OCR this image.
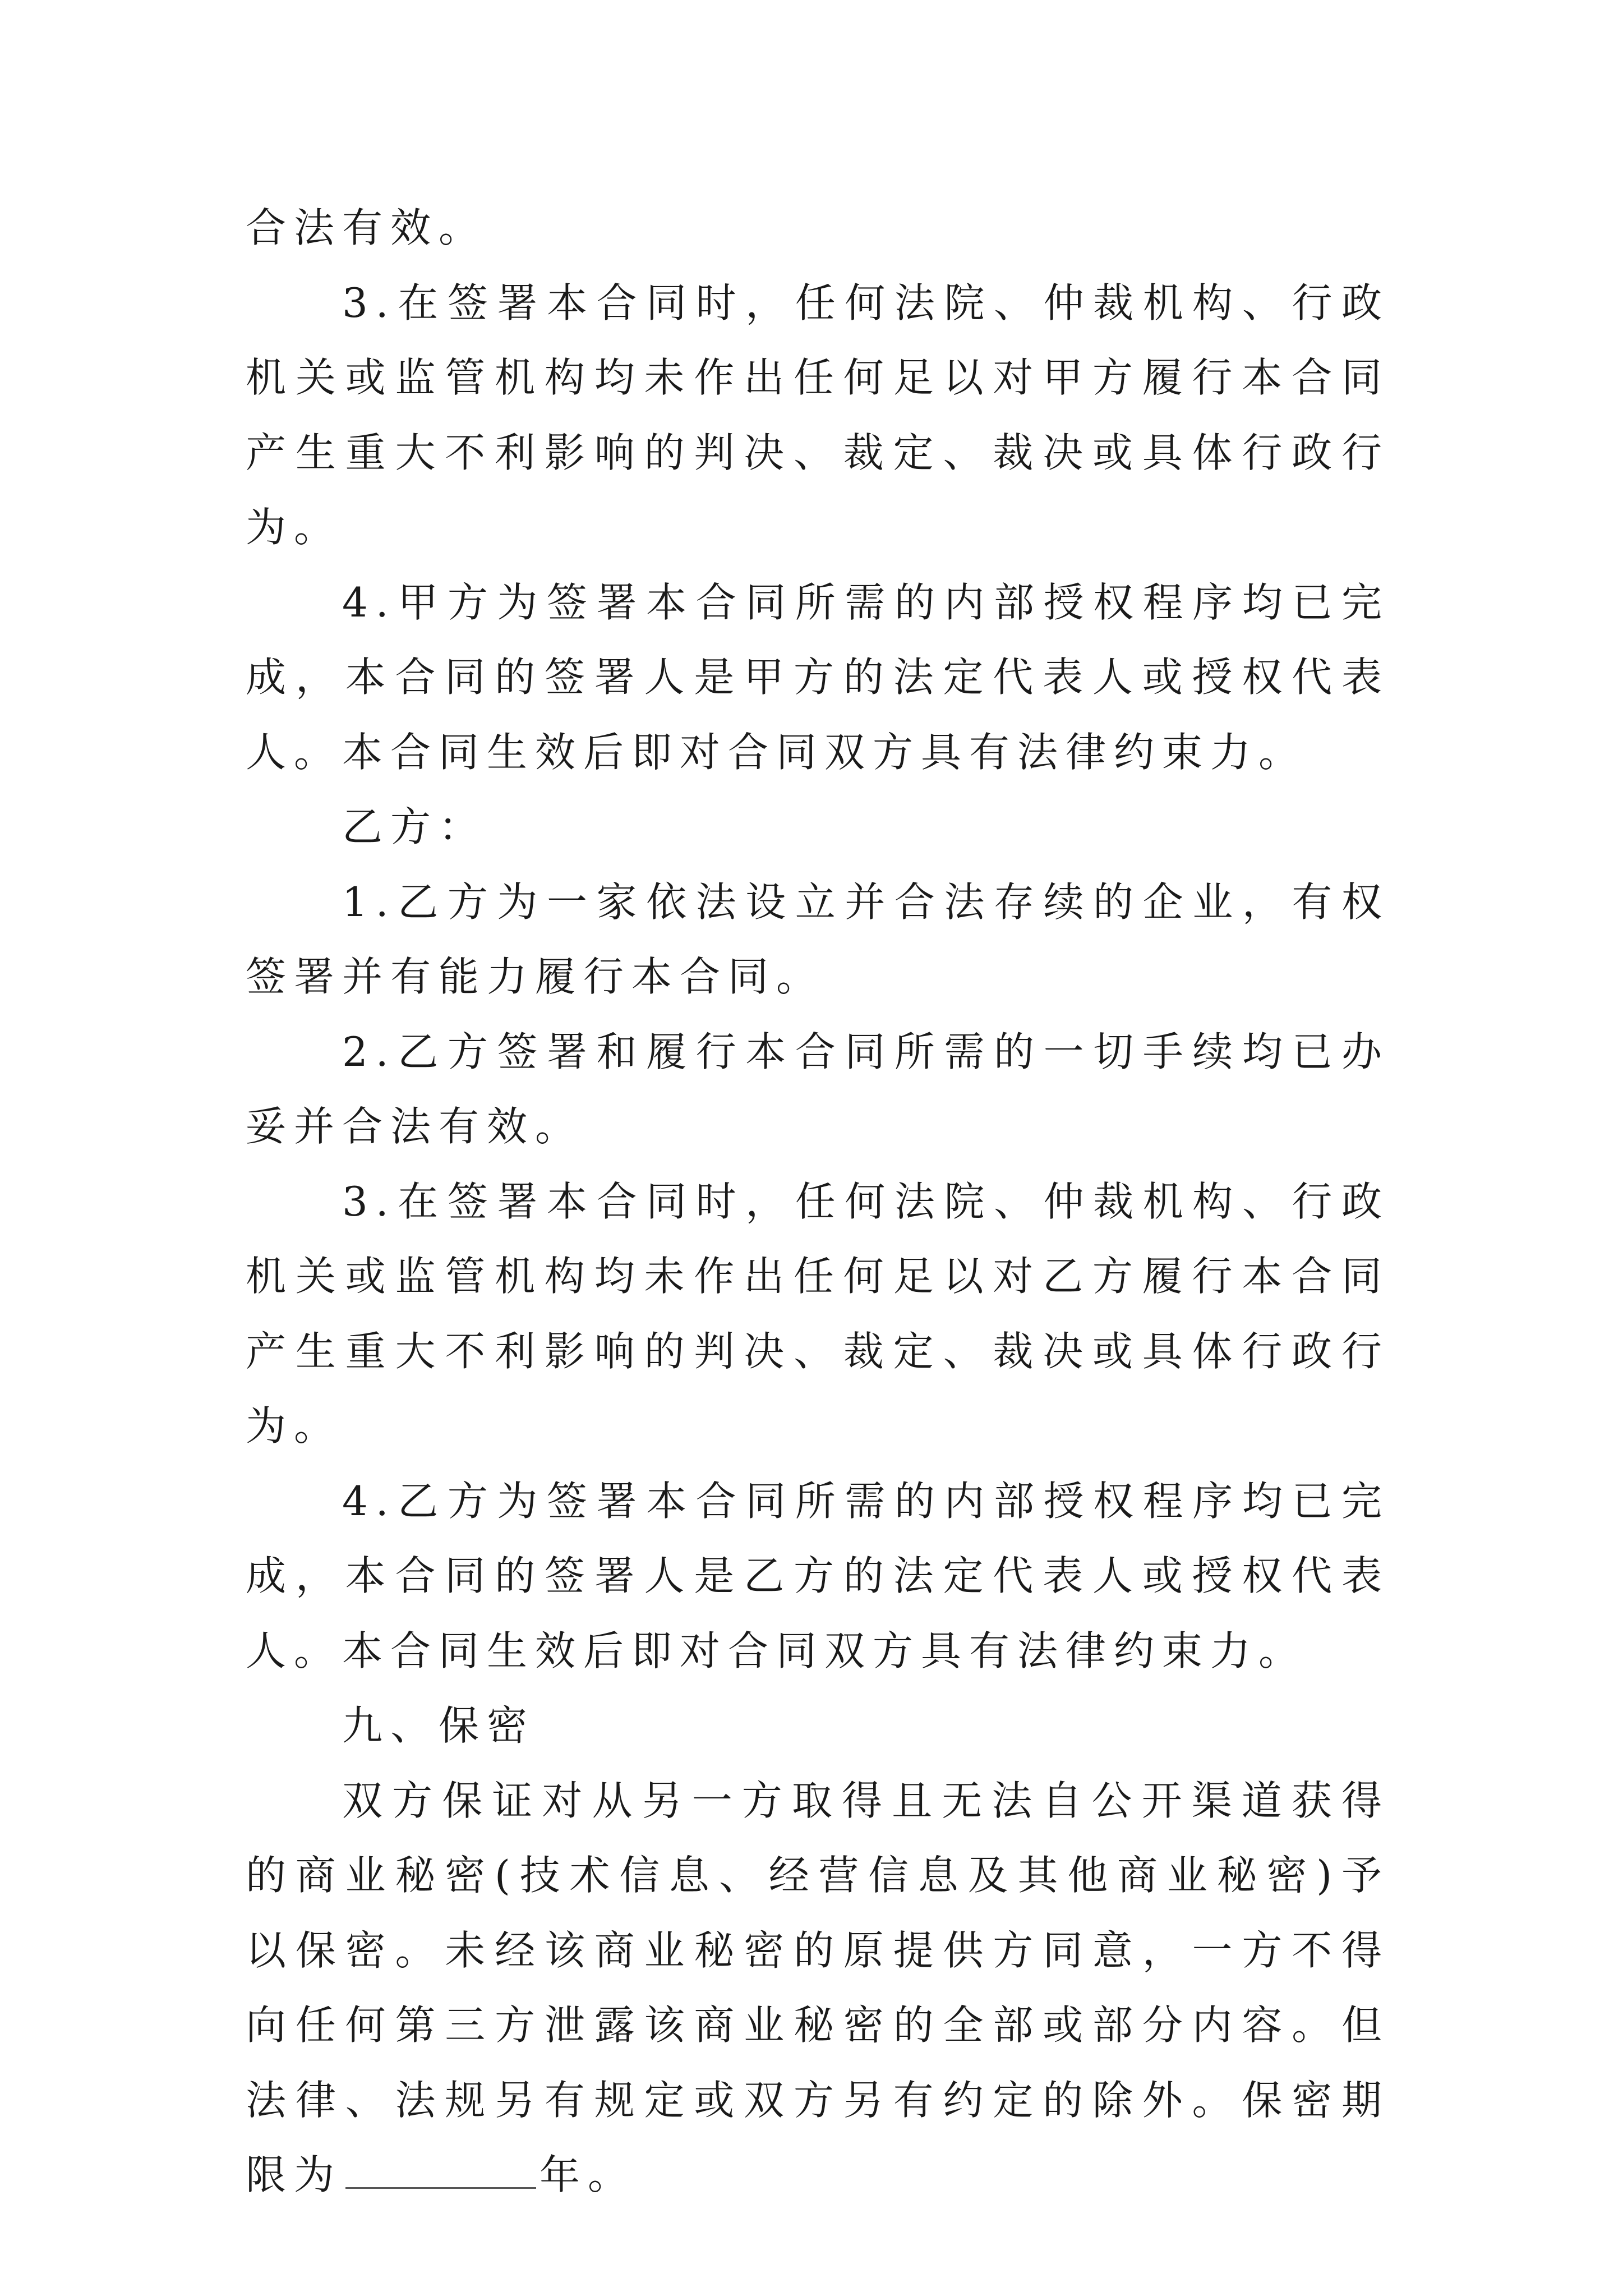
合法有效。

3.在签署本合同时，任何法院、仲裁机构、行政机关或监管机构均未作出任何足以对甲方履行本合同产生重大不利影响的判决、裁定、裁决或具体行政行为。

4.甲方为签署本合同所需的内部授权程序均已完成，本合同的签署人是甲方的法定代表人或授权代表人。本合同生效后即对合同双方具有法律约束力。

乙方：

1.乙方为一家依法设立并合法存续的企业，有权签署并有能力履行本合同。

2.乙方签署和履行本合同所需的一切手续均已办妥并合法有效。

3.在签署本合同时，任何法院、仲裁机构、行政机关或监管机构均未作出任何足以对乙方履行本合同产生重大不利影响的判决、裁定、裁决或具体行政行为。

4.乙方为签署本合同所需的内部授权程序均已完成，本合同的签署人是乙方的法定代表人或授权代表人。本合同生效后即对合同双方具有法律约束力。

九、保密

双方保证对从另一方取得且无法自公开渠道获得的商业秘密(技术信息、经营信息及其他商业秘密)予以保密。未经该商业秘密的原提供方同意，一方不得向任何第三方泄露该商业秘密的全部或部分内容。但法律、法规另有规定或双方另有约定的除外。保密期限为	年。
